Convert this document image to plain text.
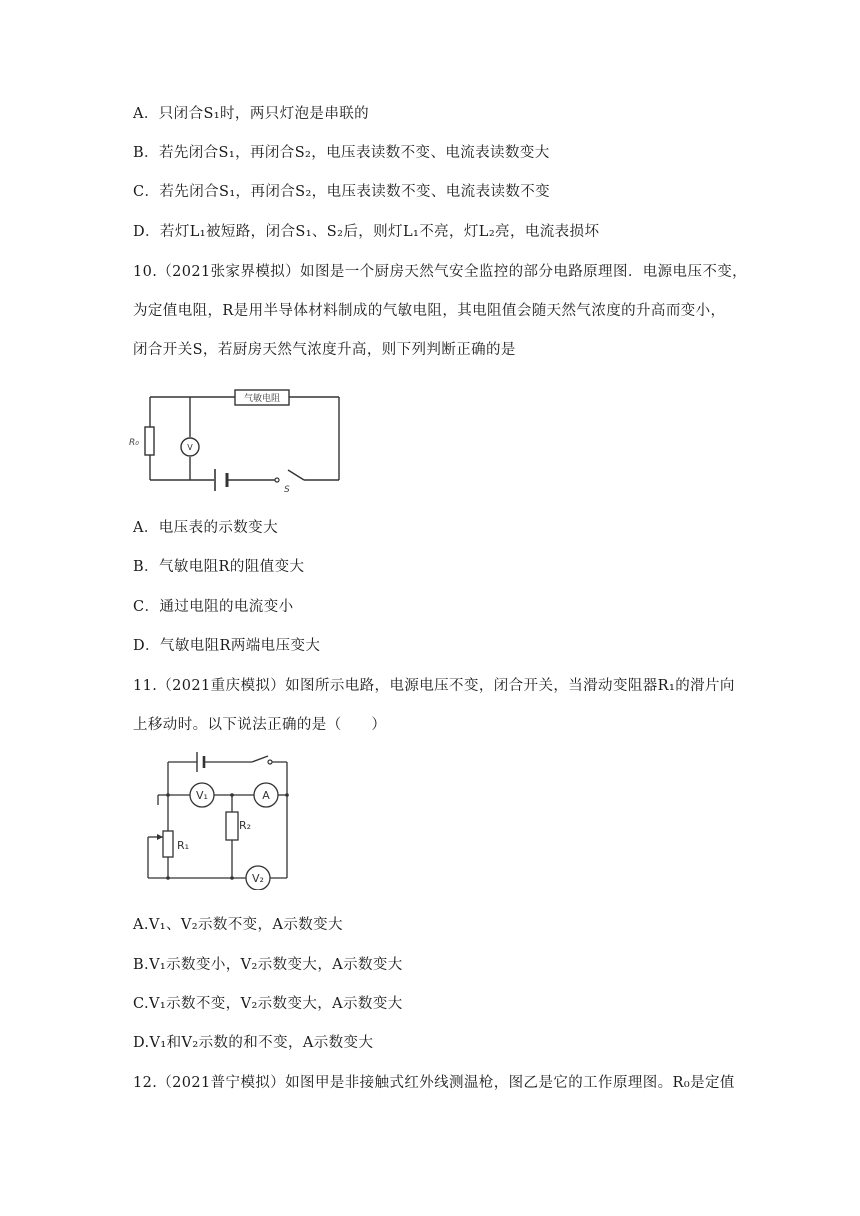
A．只闭合S₁时，两只灯泡是串联的
B．若先闭合S₁，再闭合S₂，电压表读数不变、电流表读数变大
C．若先闭合S₁，再闭合S₂，电压表读数不变、电流表读数不变
D．若灯L₁被短路，闭合S₁、S₂后，则灯L₁不亮，灯L₂亮，电流表损坏
10.（2021张家界模拟）如图是一个厨房天然气安全监控的部分电路原理图．电源电压不变，
为定值电阻，R是用半导体材料制成的气敏电阻，其电阻值会随天然气浓度的升高而变小，
闭合开关S，若厨房天然气浓度升高，则下列判断正确的是
R₀
气敏电阻
V
S
A．电压表的示数变大
B．气敏电阻R的阻值变大
C．通过电阻的电流变小
D．气敏电阻R两端电压变大
11.（2021重庆模拟）如图所示电路，电源电压不变，闭合开关，当滑动变阻器R₁的滑片向
上移动时。以下说法正确的是（　　）
V₁	A
R₂
R₁
V₂
A.V₁、V₂示数不变，A示数变大
B.V₁示数变小，V₂示数变大，A示数变大
C.V₁示数不变，V₂示数变大，A示数变大
D.V₁和V₂示数的和不变，A示数变大
12.（2021普宁模拟）如图甲是非接触式红外线测温枪，图乙是它的工作原理图。R₀是定值
